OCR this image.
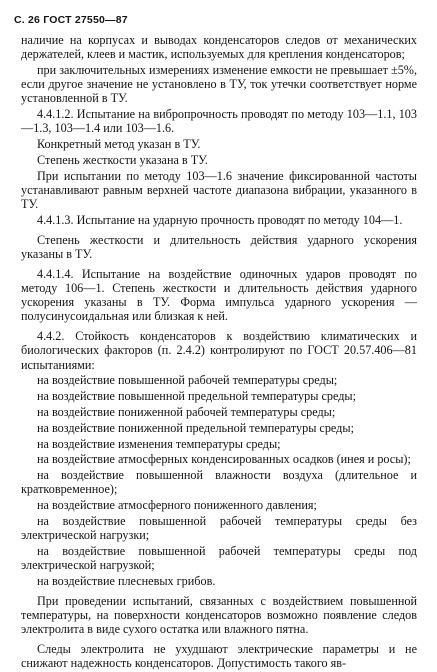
С. 26 ГОСТ 27550—87

наличие на корпусах и выводах конденсаторов следов от механических держателей, клеев и мастик, используемых для крепления конденсаторов;

при заключительных измерениях изменение емкости не превышает ±5%, если другое значение не установлено в ТУ, ток утечки соответствует норме установленной в ТУ.

4.4.1.2. Испытание на вибропрочность проводят по методу 103—1.1, 103—1.3, 103—1.4 или 103—1.6.

Конкретный метод указан в ТУ.

Степень жесткости указана в ТУ.

При испытании по методу 103—1.6 значение фиксированной частоты устанавливают равным верхней частоте диапазона вибрации, указанного в ТУ.

4.4.1.3. Испытание на ударную прочность проводят по методу 104—1.

Степень жесткости и длительность действия ударного ускорения указаны в ТУ.

4.4.1.4. Испытание на воздействие одиночных ударов проводят по методу 106—1. Степень жесткости и длительность действия ударного ускорения указаны в ТУ. Форма импульса ударного ускорения — полусинусоидальная или близкая к ней.

4.4.2. Стойкость конденсаторов к воздействию климатических и биологических факторов (п. 2.4.2) контролируют по ГОСТ 20.57.406—81 испытаниями:

на воздействие повышенной рабочей температуры среды;

на воздействие повышенной предельной температуры среды;

на воздействие пониженной рабочей температуры среды;

на воздействие пониженной предельной температуры среды;

на воздействие изменения температуры среды;

на воздействие атмосферных конденсированных осадков (инея и росы);

на воздействие повышенной влажности воздуха (длительное и кратковременное);

на воздействие атмосферного пониженного давления;

на воздействие повышенной рабочей температуры среды без электрической нагрузки;

на воздействие повышенной рабочей температуры среды под электрической нагрузкой;

на воздействие плесневых грибов.

При проведении испытаний, связанных с воздействием повышенной температуры, на поверхности конденсаторов возможно появление следов электролита в виде сухого остатка или влажного пятна.

Следы электролита не ухудшают электрические параметры и не снижают надежность конденсаторов. Допустимость такого яв-
